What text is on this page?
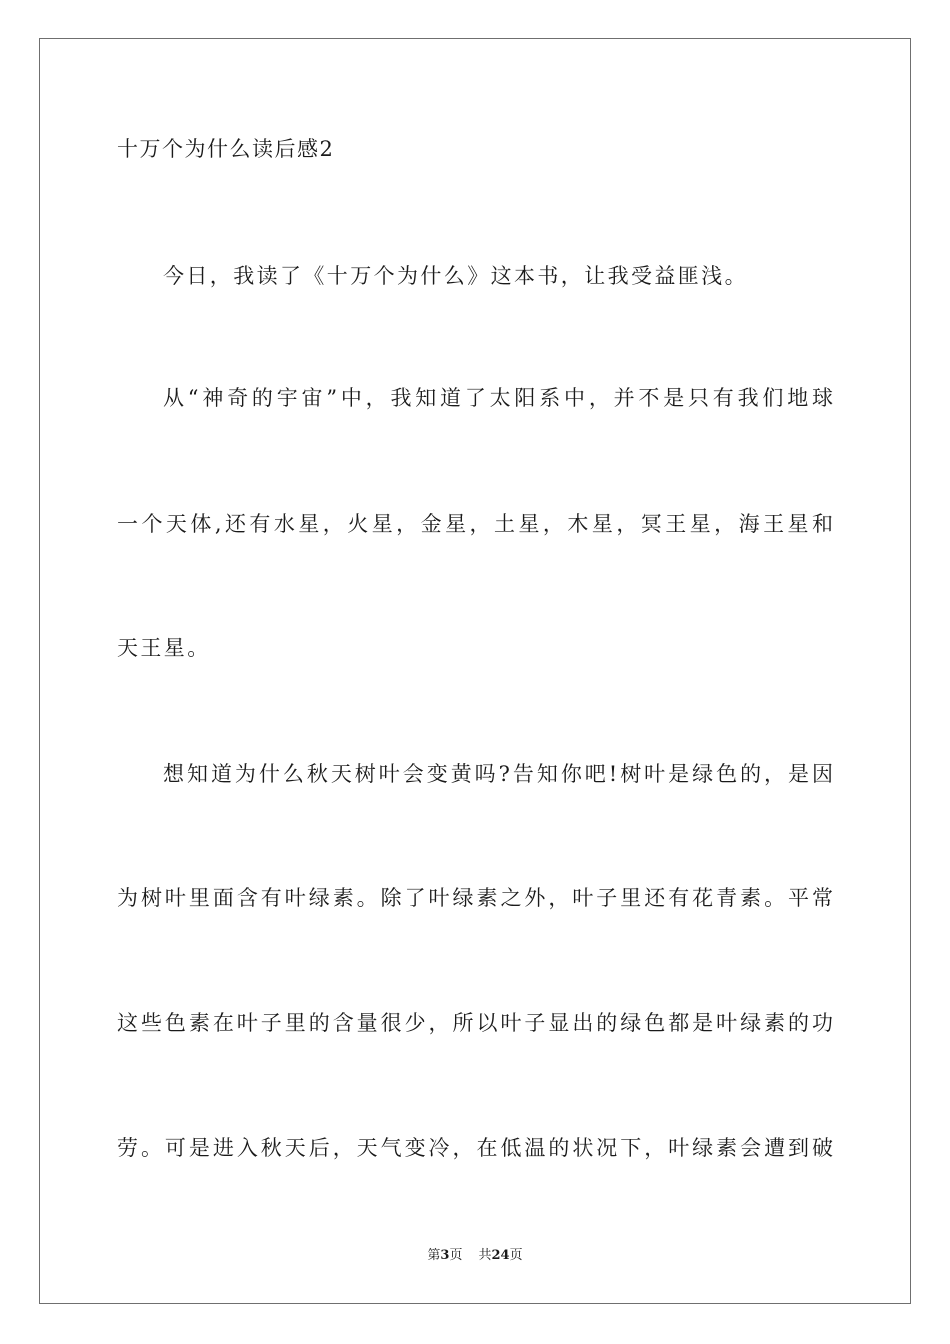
十万个为什么读后感2
今日，我读了《十万个为什么》这本书，让我受益匪浅。
从“神奇的宇宙”中，我知道了太阳系中，并不是只有我们地球
一个天体,还有水星，火星，金星，土星，木星，冥王星，海王星和
天王星。
想知道为什么秋天树叶会变黄吗?告知你吧!树叶是绿色的，是因
为树叶里面含有叶绿素。除了叶绿素之外，叶子里还有花青素。平常
这些色素在叶子里的含量很少，所以叶子显出的绿色都是叶绿素的功
劳。可是进入秋天后，天气变冷，在低温的状况下，叶绿素会遭到破
第3页 共24页
